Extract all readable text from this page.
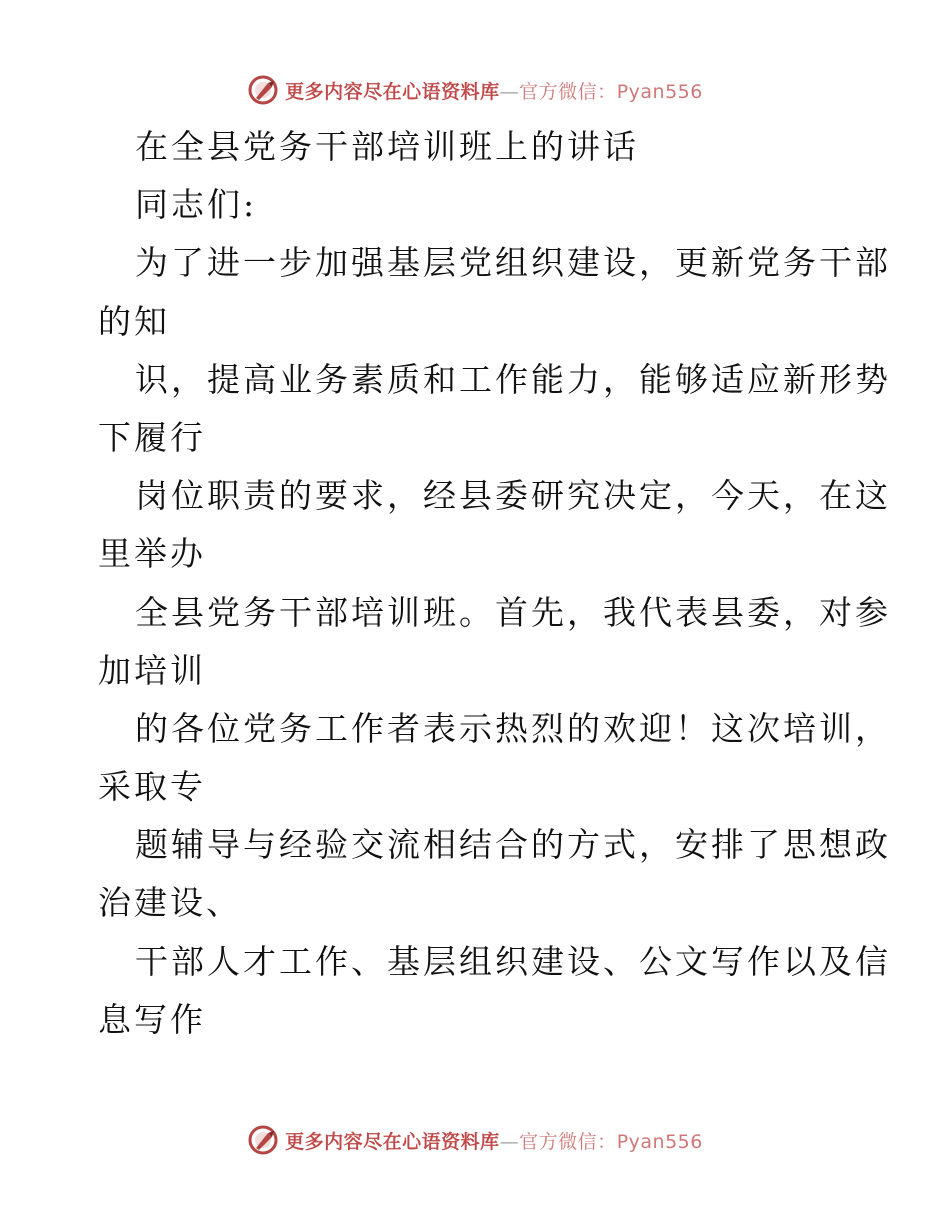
更多内容尽在心语资料库—官方微信：Pyan556
在全县党务干部培训班上的讲话
同志们:
为了进一步加强基层党组织建设，更新党务干部
的知
识，提高业务素质和工作能力，能够适应新形势
下履行
岗位职责的要求，经县委研究决定，今天，在这
里举办
全县党务干部培训班。首先，我代表县委，对参
加培训
的各位党务工作者表示热烈的欢迎！这次培训，
采取专
题辅导与经验交流相结合的方式，安排了思想政
治建设、
干部人才工作、基层组织建设、公文写作以及信
息写作
更多内容尽在心语资料库—官方微信：Pyan556
